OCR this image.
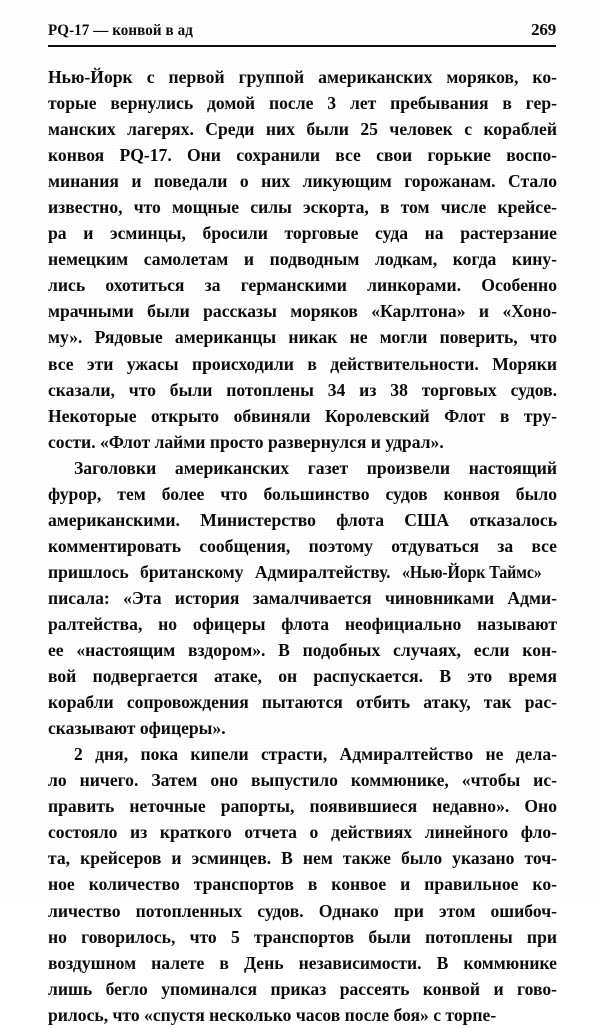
PQ-17 — конвой в ад	269

Нью-Йорк с первой группой американских моряков, ко-
торые вернулись домой после 3 лет пребывания в гер-
манских лагерях. Среди них были 25 человек с кораблей
конвоя PQ-17. Они сохранили все свои горькие воспо-
минания и поведали о них ликующим горожанам. Стало
известно, что мощные силы эскорта, в том числе крейсе-
ра и эсминцы, бросили торговые суда на растерзание
немецким самолетам и подводным лодкам, когда кину-
лись охотиться за германскими линкорами. Особенно
мрачными были рассказы моряков «Карлтона» и «Хоно-
му». Рядовые американцы никак не могли поверить, что
все эти ужасы происходили в действительности. Моряки
сказали, что были потоплены 34 из 38 торговых судов.
Некоторые открыто обвиняли Королевский Флот в тру-
сости. «Флот лайми просто развернулся и удрал».

Заголовки американских газет произвели настоящий
фурор, тем более что большинство судов конвоя было
американскими. Министерство флота США отказалось
комментировать сообщения, поэтому отдуваться за все
пришлось британскому Адмиралтейству. «Нью-Йорк Таймс»
писала: «Эта история замалчивается чиновниками Адми-
ралтейства, но офицеры флота неофициально называют
ее «настоящим вздором». В подобных случаях, если кон-
вой подвергается атаке, он распускается. В это время
корабли сопровождения пытаются отбить атаку, так рас-
сказывают офицеры».

2 дня, пока кипели страсти, Адмиралтейство не дела-
ло ничего. Затем оно выпустило коммюнике, «чтобы ис-
править неточные рапорты, появившиеся недавно». Оно
состояло из краткого отчета о действиях линейного фло-
та, крейсеров и эсминцев. В нем также было указано точ-
ное количество транспортов в конвое и правильное ко-
личество потопленных судов. Однако при этом ошибоч-
но говорилось, что 5 транспортов были потоплены при
воздушном налете в День независимости. В коммюнике
лишь бегло упоминался приказ рассеять конвой и гово-
рилось, что «спустя несколько часов после боя» с торпе-
